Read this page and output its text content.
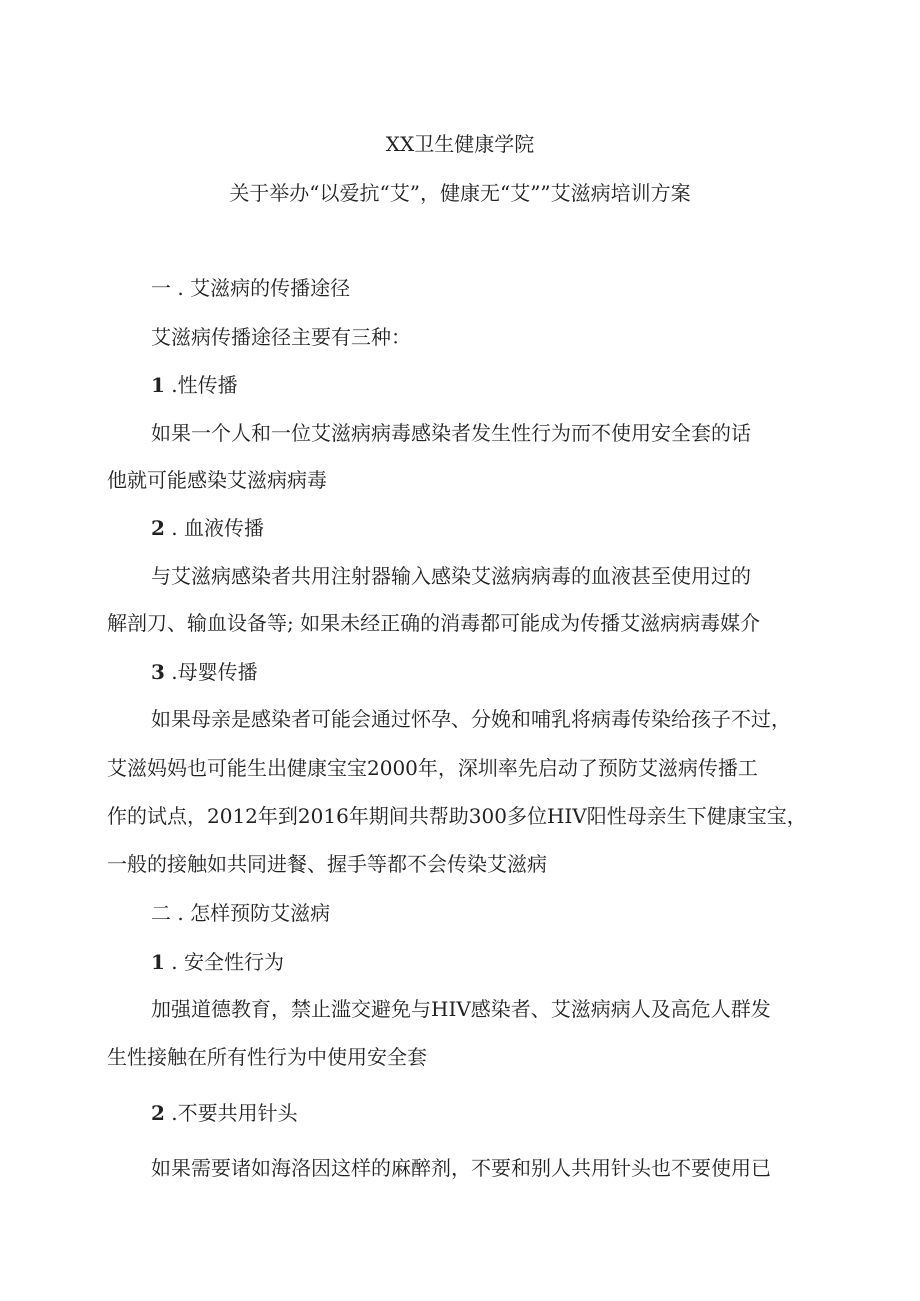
XX卫生健康学院
关于举办“以爱抗“艾”，健康无“艾””艾滋病培训方案
一 . 艾滋病的传播途径
艾滋病传播途径主要有三种：
1 .性传播
如果一个人和一位艾滋病病毒感染者发生性行为而不使用安全套的话
他就可能感染艾滋病病毒
2 . 血液传播
与艾滋病感染者共用注射器输入感染艾滋病病毒的血液甚至使用过的
解剖刀、输血设备等; 如果未经正确的消毒都可能成为传播艾滋病病毒媒介
3 .母婴传播
如果母亲是感染者可能会通过怀孕、分娩和哺乳将病毒传染给孩子不过，
艾滋妈妈也可能生出健康宝宝2000年，深圳率先启动了预防艾滋病传播工
作的试点，2012年到2016年期间共帮助300多位HIV阳性母亲生下健康宝宝，
一般的接触如共同进餐、握手等都不会传染艾滋病
二 . 怎样预防艾滋病
1 . 安全性行为
加强道德教育，禁止滥交避免与HIV感染者、艾滋病病人及高危人群发
生性接触在所有性行为中使用安全套
2 .不要共用针头
如果需要诸如海洛因这样的麻醉剂，不要和别人共用针头也不要使用已
